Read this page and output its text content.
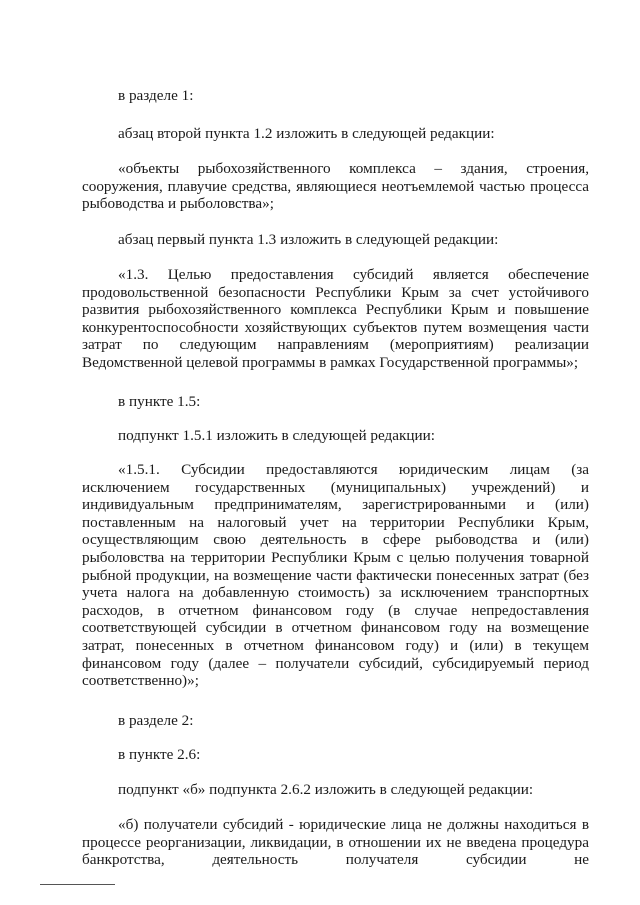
в разделе 1:

абзац второй пункта 1.2 изложить в следующей редакции:

«объекты рыбохозяйственного комплекса – здания, строения, сооружения, плавучие средства, являющиеся неотъемлемой частью процесса рыбоводства и рыболовства»;

абзац первый пункта 1.3 изложить в следующей редакции:

«1.3. Целью предоставления субсидий является обеспечение продовольственной безопасности Республики Крым за счет устойчивого развития рыбохозяйственного комплекса Республики Крым и повышение конкурентоспособности хозяйствующих субъектов путем возмещения части затрат по следующим направлениям (мероприятиям) реализации Ведомственной целевой программы в рамках Государственной программы»;

в пункте 1.5:

подпункт 1.5.1 изложить в следующей редакции:

«1.5.1. Субсидии предоставляются юридическим лицам (за исключением государственных (муниципальных) учреждений) и индивидуальным предпринимателям, зарегистрированными и (или) поставленным на налоговый учет на территории Республики Крым, осуществляющим свою деятельность в сфере рыбоводства и (или) рыболовства на территории Республики Крым с целью получения товарной рыбной продукции, на возмещение части фактически понесенных затрат (без учета налога на добавленную стоимость) за исключением транспортных расходов, в отчетном финансовом году (в случае непредоставления соответствующей субсидии в отчетном финансовом году на возмещение затрат, понесенных в отчетном финансовом году) и (или) в текущем финансовом году (далее – получатели субсидий, субсидируемый период соответственно)»;

в разделе 2:

в пункте 2.6:

подпункт «б» подпункта 2.6.2 изложить в следующей редакции:

«б) получатели субсидий - юридические лица не должны находиться в процессе реорганизации, ликвидации, в отношении их не введена процедура банкротства, деятельность получателя субсидии не
